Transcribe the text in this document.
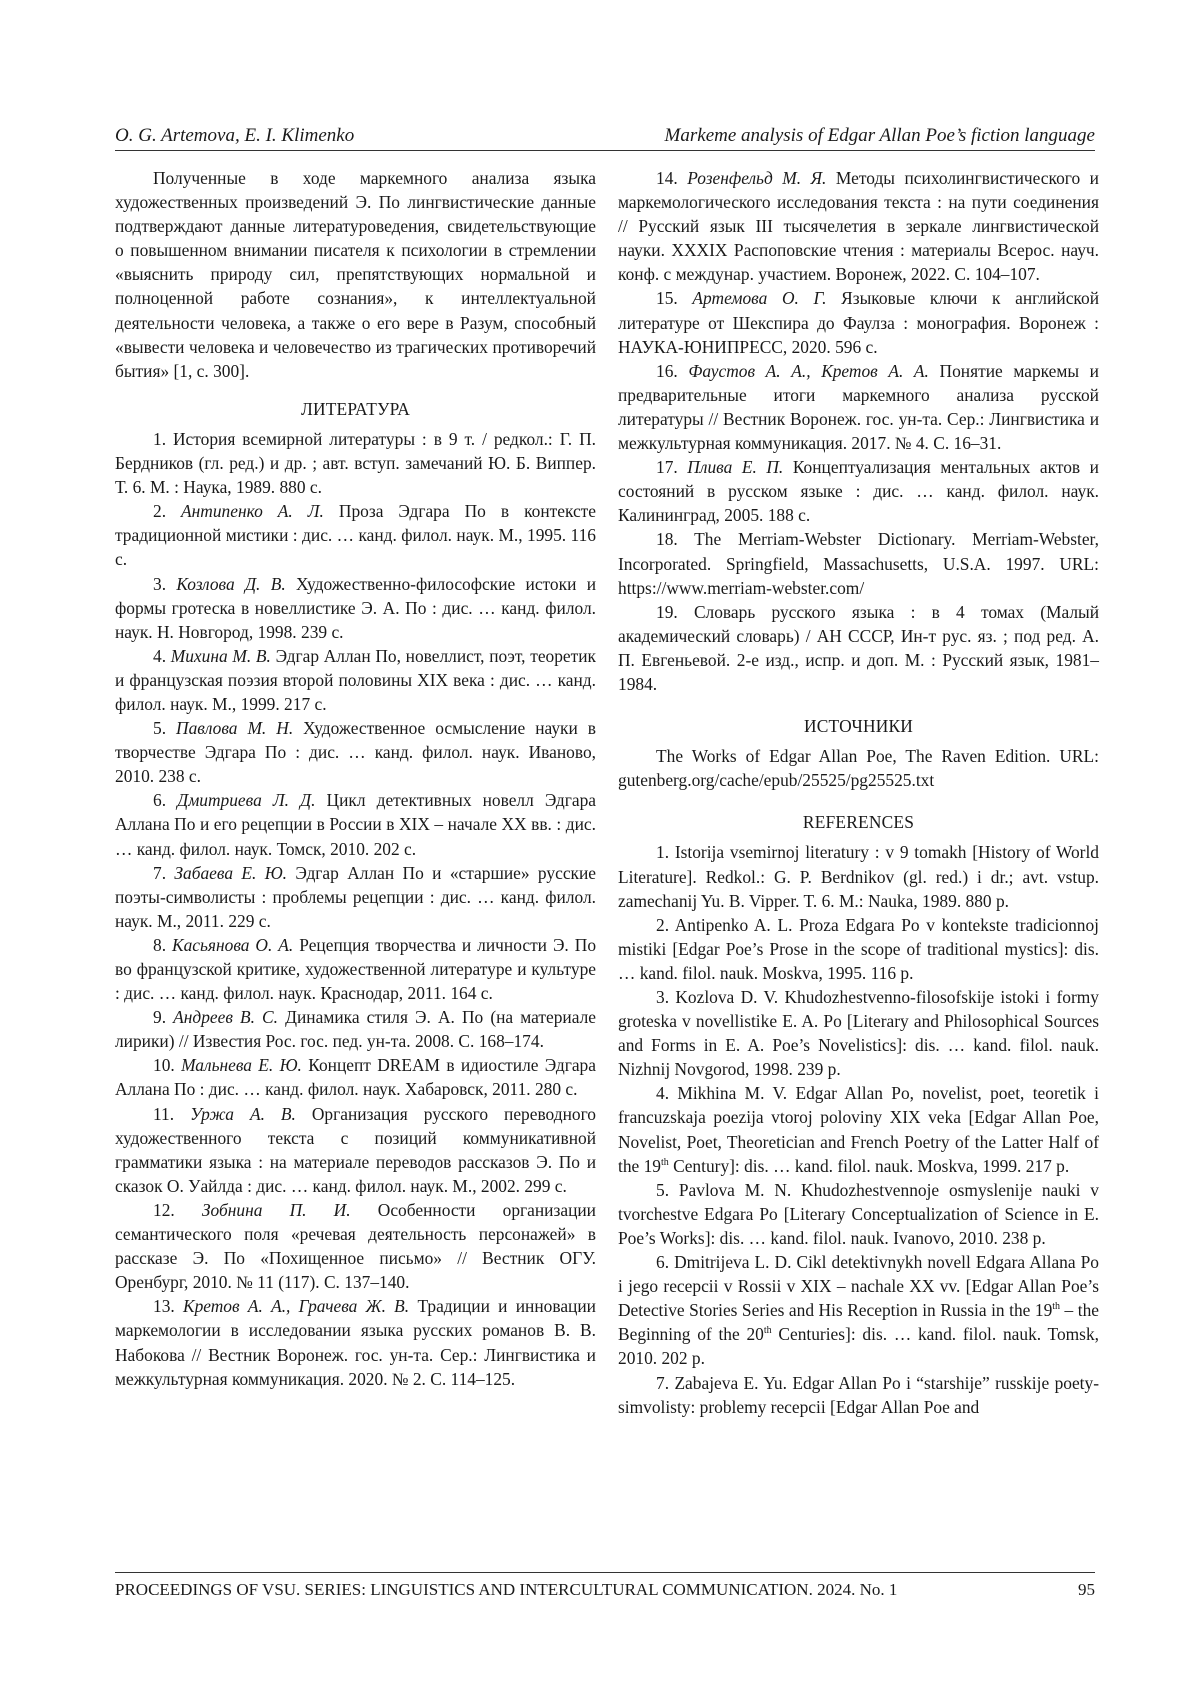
O. G. Artemova, E. I. Klimenko	Markeme analysis of Edgar Allan Poe’s fiction language

Полученные в ходе маркемного анализа языка художественных произведений Э. По лингвистические данные подтверждают данные литературоведения, свидетельствующие о повышенном внимании писателя к психологии в стремлении «выяснить природу сил, препятствующих нормальной и полноценной работе сознания», к интеллектуальной деятельности человека, а также о его вере в Разум, способный «вывести человека и человечество из трагических противоречий бытия» [1, с. 300].

ЛИТЕРАТУРА

1. История всемирной литературы : в 9 т. / редкол.: Г. П. Бердников (гл. ред.) и др. ; авт. вступ. замечаний Ю. Б. Виппер. Т. 6. М. : Наука, 1989. 880 с.

2. Антипенко А. Л. Проза Эдгара По в контексте традиционной мистики : дис. … канд. филол. наук. М., 1995. 116 с.

3. Козлова Д. В. Художественно-философские истоки и формы гротеска в новеллистике Э. А. По : дис. … канд. филол. наук. Н. Новгород, 1998. 239 с.

4. Михина М. В. Эдгар Аллан По, новеллист, поэт, теоретик и французская поэзия второй половины XIX века : дис. … канд. филол. наук. М., 1999. 217 с.

5. Павлова М. Н. Художественное осмысление науки в творчестве Эдгара По : дис. … канд. филол. наук. Иваново, 2010. 238 с.

6. Дмитриева Л. Д. Цикл детективных новелл Эдгара Аллана По и его рецепции в России в XIX – начале XX вв. : дис. … канд. филол. наук. Томск, 2010. 202 с.

7. Забаева Е. Ю. Эдгар Аллан По и «старшие» русские поэты-символисты : проблемы рецепции : дис. … канд. филол. наук. М., 2011. 229 с.

8. Касьянова О. А. Рецепция творчества и личности Э. По во французской критике, художественной литературе и культуре : дис. … канд. филол. наук. Краснодар, 2011. 164 с.

9. Андреев В. С. Динамика стиля Э. А. По (на материале лирики) // Известия Рос. гос. пед. ун-та. 2008. С. 168–174.

10. Мальнева Е. Ю. Концепт DREAM в идиостиле Эдгара Аллана По : дис. … канд. филол. наук. Хабаровск, 2011. 280 с.

11. Уржа А. В. Организация русского переводного художественного текста с позиций коммуникативной грамматики языка : на материале переводов рассказов Э. По и сказок О. Уайлда : дис. … канд. филол. наук. М., 2002. 299 с.

12. Зобнина П. И. Особенности организации семантического поля «речевая деятельность персонажей» в рассказе Э. По «Похищенное письмо» // Вестник ОГУ. Оренбург, 2010. № 11 (117). С. 137–140.

13. Кретов А. А., Грачева Ж. В. Традиции и инновации маркемологии в исследовании языка русских романов В. В. Набокова // Вестник Воронеж. гос. ун-та. Сер.: Лингвистика и межкультурная коммуникация. 2020. № 2. С. 114–125.

14. Розенфельд М. Я. Методы психолингвистического и маркемологического исследования текста : на пути соединения // Русский язык III тысячелетия в зеркале лингвистической науки. XXXIX Распоповские чтения : материалы Всерос. науч. конф. с междунар. участием. Воронеж, 2022. С. 104–107.

15. Артемова О. Г. Языковые ключи к английской литературе от Шекспира до Фаулза : монография. Воронеж : НАУКА-ЮНИПРЕСС, 2020. 596 с.

16. Фаустов А. А., Кретов А. А. Понятие маркемы и предварительные итоги маркемного анализа русской литературы // Вестник Воронеж. гос. ун-та. Сер.: Лингвистика и межкультурная коммуникация. 2017. № 4. С. 16–31.

17. Плива Е. П. Концептуализация ментальных актов и состояний в русском языке : дис. … канд. филол. наук. Калининград, 2005. 188 с.

18. The Merriam-Webster Dictionary. Merriam-Webster, Incorporated. Springfield, Massachusetts, U.S.A. 1997. URL: https://www.merriam-webster.com/

19. Словарь русского языка : в 4 томах (Малый академический словарь) / АН СССР, Ин-т рус. яз. ; под ред. А. П. Евгеньевой. 2-е изд., испр. и доп. М. : Русский язык, 1981–1984.

ИСТОЧНИКИ

The Works of Edgar Allan Poe, The Raven Edition. URL: gutenberg.org/cache/epub/25525/pg25525.txt

REFERENCES

1. Istorija vsemirnoj literatury : v 9 tomakh [History of World Literature]. Redkol.: G. P. Berdnikov (gl. red.) i dr.; avt. vstup. zamechanij Yu. B. Vipper. T. 6. M.: Nauka, 1989. 880 p.

2. Antipenko A. L. Proza Edgara Po v kontekste tradicionnoj mistiki [Edgar Poe’s Prose in the scope of traditional mystics]: dis. … kand. filol. nauk. Moskva, 1995. 116 p.

3. Kozlova D. V. Khudozhestvenno-filosofskije istoki i formy groteska v novellistike E. A. Po [Literary and Philosophical Sources and Forms in E. A. Poe’s Novelistics]: dis. … kand. filol. nauk. Nizhnij Novgorod, 1998. 239 p.

4. Mikhina M. V. Edgar Allan Po, novelist, poet, teoretik i francuzskaja poezija vtoroj poloviny XIX veka [Edgar Allan Poe, Novelist, Poet, Theoretician and French Poetry of the Latter Half of the 19th Century]: dis. … kand. filol. nauk. Moskva, 1999. 217 p.

5. Pavlova M. N. Khudozhestvennoje osmyslenije nauki v tvorchestve Edgara Po [Literary Conceptualization of Science in E. Poe’s Works]: dis. … kand. filol. nauk. Ivanovo, 2010. 238 p.

6. Dmitrijeva L. D. Cikl detektivnykh novell Edgara Allana Po i jego recepcii v Rossii v XIX – nachale XX vv. [Edgar Allan Poe’s Detective Stories Series and His Reception in Russia in the 19th – the Beginning of the 20th Centuries]: dis. … kand. filol. nauk. Tomsk, 2010. 202 p.

7. Zabajeva E. Yu. Edgar Allan Po i “starshije” russkije poety-simvolisty: problemy recepcii [Edgar Allan Poe and

PROCEEDINGS OF VSU. SERIES: LINGUISTICS AND INTERCULTURAL COMMUNICATION. 2024. No. 1	95
